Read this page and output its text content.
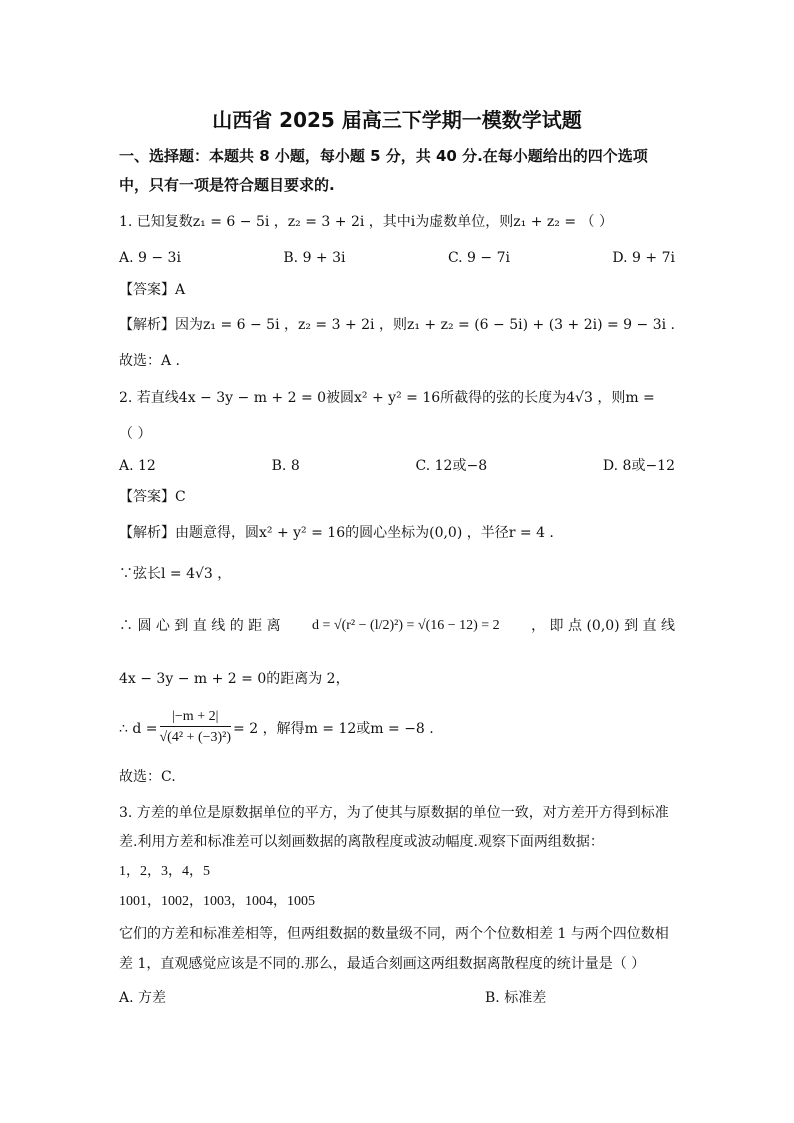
山西省 2025 届高三下学期一模数学试题
一、选择题：本题共 8 小题，每小题 5 分，共 40 分.在每小题给出的四个选项
中，只有一项是符合题目要求的.
1. 已知复数z₁ = 6 − 5i ，z₂ = 3 + 2i ，其中i为虚数单位，则z₁ + z₂ = （ ）
A. 9 − 3i	B. 9 + 3i	C. 9 − 7i	D. 9 + 7i
【答案】A
【解析】因为z₁ = 6 − 5i ，z₂ = 3 + 2i ，则z₁ + z₂ = (6 − 5i) + (3 + 2i) = 9 − 3i .
故选：A .
2. 若直线4x − 3y − m + 2 = 0被圆x² + y² = 16所截得的弦的长度为4√3 ，则m =
（ ）
A. 12	B. 8	C. 12或−8	D. 8或−12
【答案】C
【解析】由题意得，圆x² + y² = 16的圆心坐标为(0,0) ，半径r = 4 .
∵弦长l = 4√3 ，
∴ 圆 心 到 直 线 的 距 离 d = √(r² − (l/2)²) = √(16 − 12) = 2 ， 即 点 (0,0) 到 直 线
4x − 3y − m + 2 = 0的距离为 2，
∴ $d = \frac{|-m + 2|}{\text{√(4² + (−3)²)}} = 2$ ，解得m = 12或m = −8 .
故选：C.
3. 方差的单位是原数据单位的平方，为了使其与原数据的单位一致，对方差开方得到标准
差.利用方差和标准差可以刻画数据的离散程度或波动幅度.观察下面两组数据：
1，2，3，4，5
1001，1002，1003，1004，1005
它们的方差和标准差相等，但两组数据的数量级不同，两个个位数相差 1 与两个四位数相
差 1，直观感觉应该是不同的.那么，最适合刻画这两组数据离散程度的统计量是（ ）
A. 方差	B. 标准差
